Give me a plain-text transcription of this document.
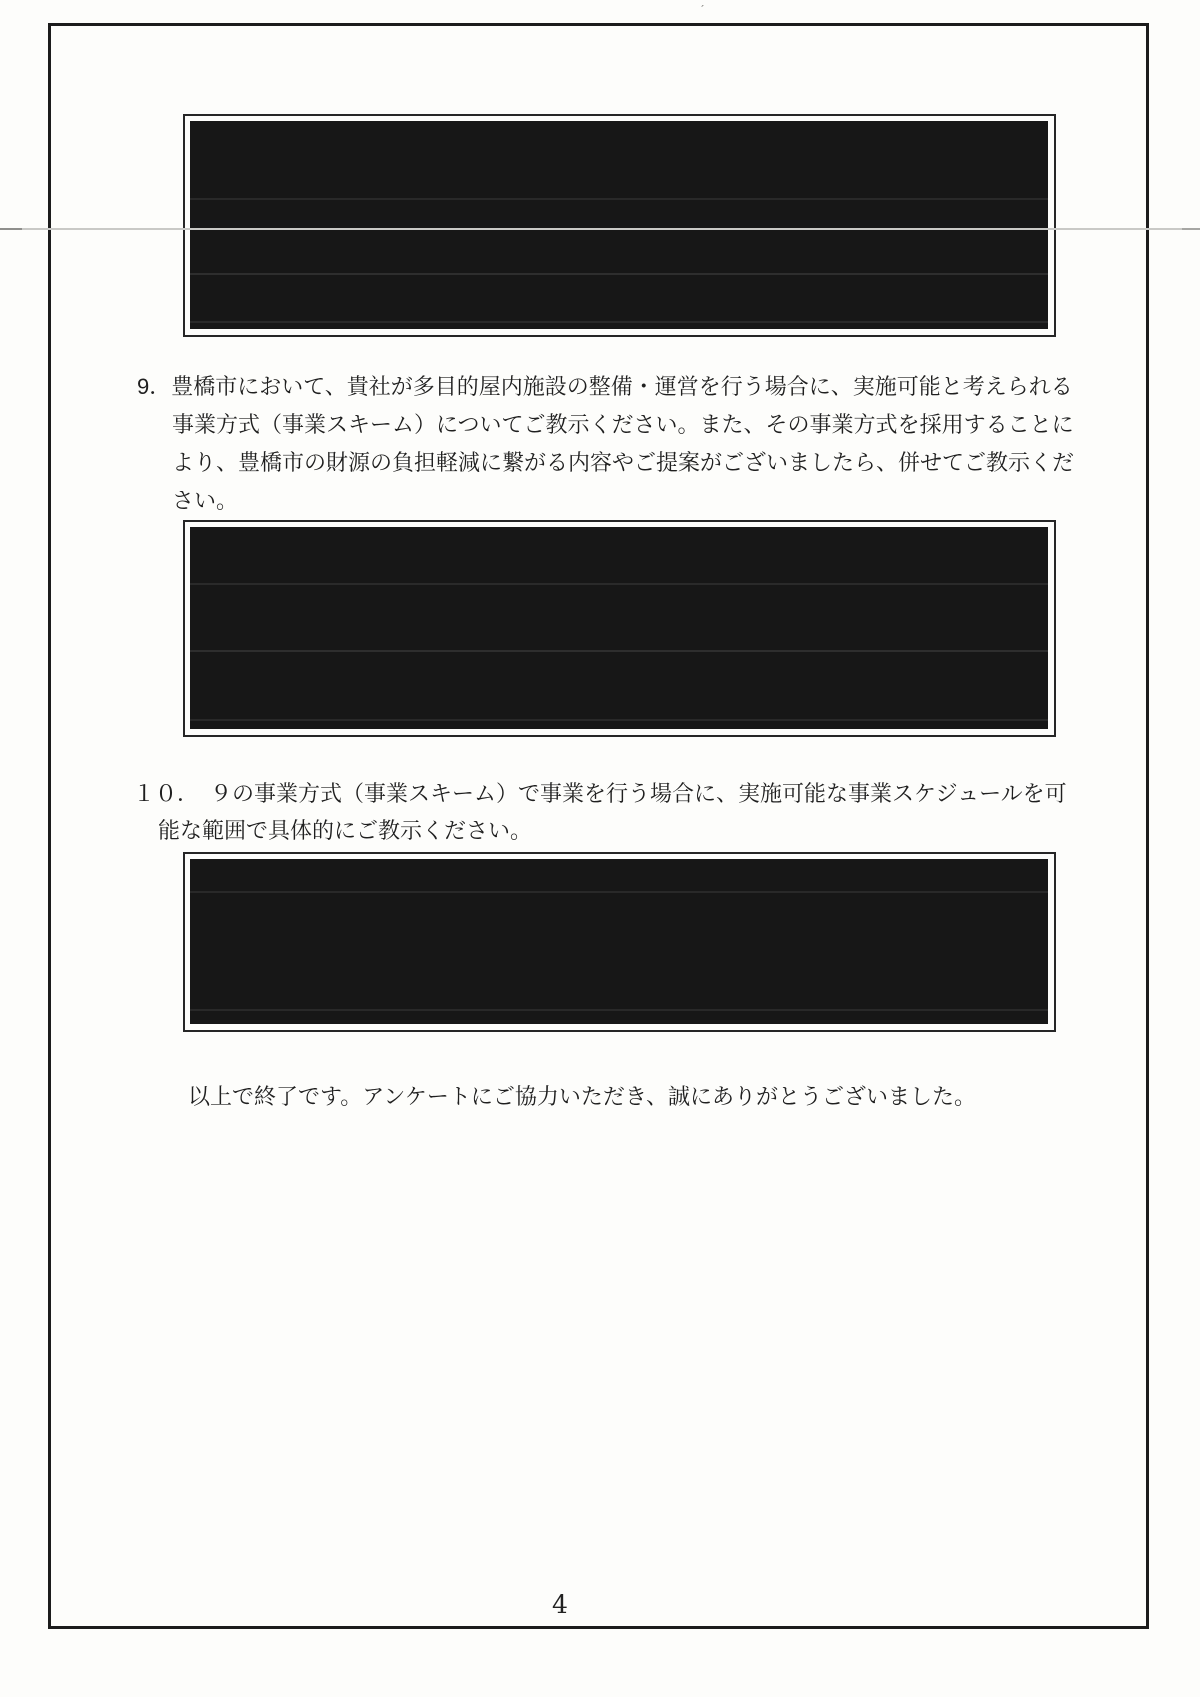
9．豊橋市において、貴社が多目的屋内施設の整備・運営を行う場合に、実施可能と考えられる
事業方式（事業スキーム）についてご教示ください。また、その事業方式を採用することに
より、豊橋市の財源の負担軽減に繋がる内容やご提案がございましたら、併せてご教示くだ
さい。
１０．　９の事業方式（事業スキーム）で事業を行う場合に、実施可能な事業スケジュールを可
能な範囲で具体的にご教示ください。
以上で終了です。アンケートにご協力いただき、誠にありがとうございました。
4
ˊ
